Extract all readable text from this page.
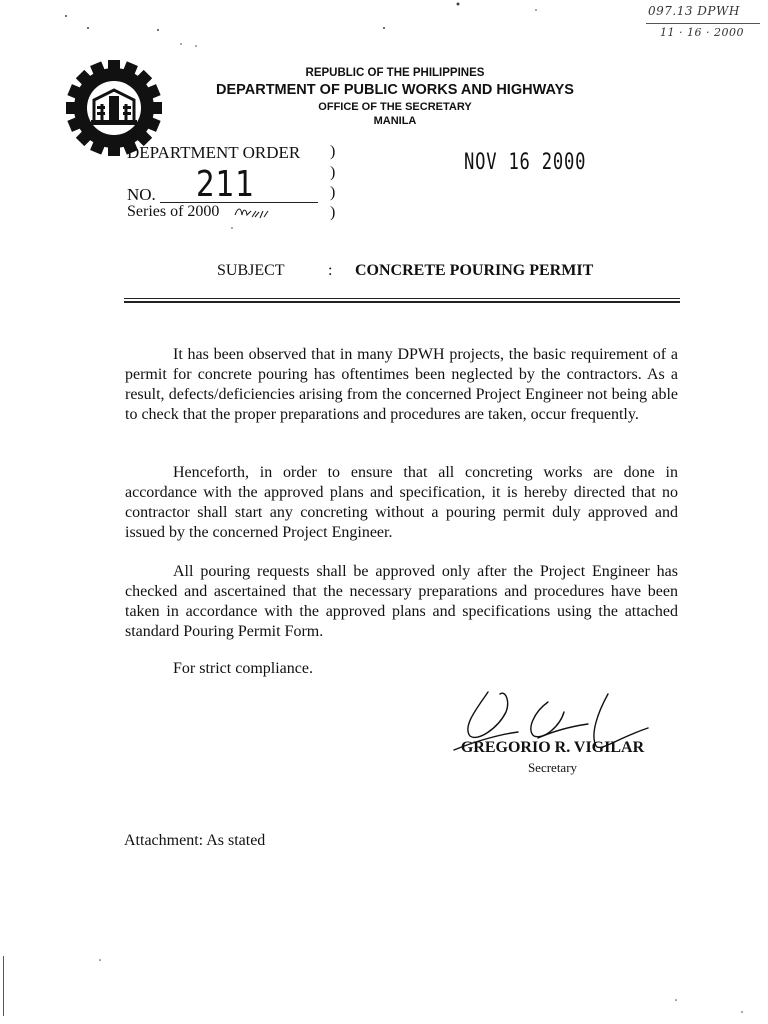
097.13 DPWH
11 · 16 · 2000
REPUBLIC OF THE PHILIPPINES
DEPARTMENT OF PUBLIC WORKS AND HIGHWAYS
OFFICE OF THE SECRETARY
MANILA
DEPARTMENT ORDER )
)
)
)
NO. 211
Series of 2000
NOV 16 2000
SUBJECT	: CONCRETE POURING PERMIT

It has been observed that in many DPWH projects, the basic requirement of a permit for concrete pouring has oftentimes been neglected by the contractors. As a result, defects/deficiencies arising from the concerned Project Engineer not being able to check that the proper preparations and procedures are taken, occur frequently.

Henceforth, in order to ensure that all concreting works are done in accordance with the approved plans and specification, it is hereby directed that no contractor shall start any concreting without a pouring permit duly approved and issued by the concerned Project Engineer.

All pouring requests shall be approved only after the Project Engineer has checked and ascertained that the necessary preparations and procedures have been taken in accordance with the approved plans and specifications using the attached standard Pouring Permit Form.

For strict compliance.
GREGORIO R. VIGILAR
Secretary
Attachment: As stated
